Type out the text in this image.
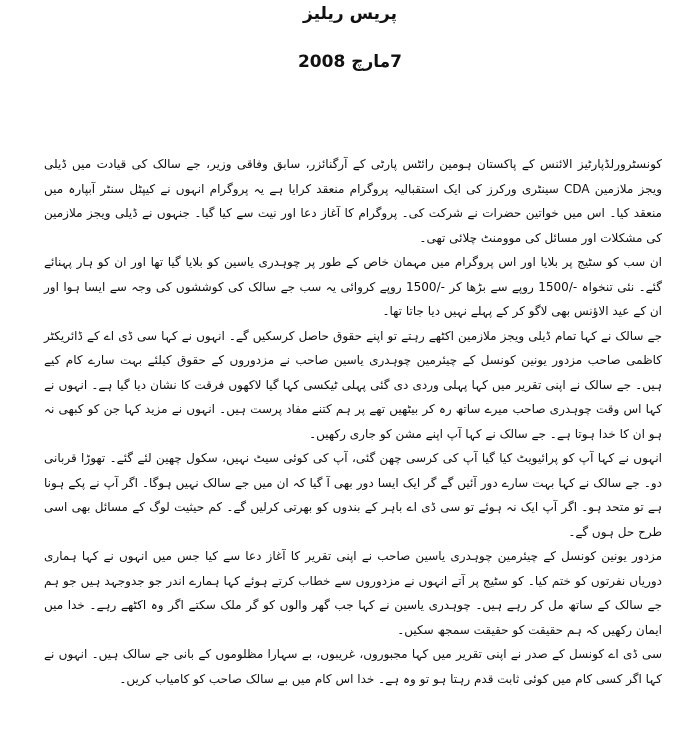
پریس ریلیز
7مارچ 2008

کونسٹرورلڈپارٹیز الائنس کے پاکستان ہومین رائٹس پارٹی کے آرگنائزر، سابق وفاقی وزیر، جے سالک کی قیادت میں ڈیلی ویجز ملازمین CDA سینٹری ورکرز کی ایک استقبالیہ پروگرام منعقد کرایا ہے یہ پروگرام انہوں نے کیپٹل سنٹر آبپارہ میں منعقد کیا۔ اس میں خواتین حضرات نے شرکت کی۔ پروگرام کا آغاز دعا اور نیت سے کیا گیا۔ جنہوں نے ڈیلی ویجز ملازمین کی مشکلات اور مسائل کی موومنٹ چلائی تھی۔

ان سب کو سٹیج پر بلایا اور اس پروگرام میں مہمان خاص کے طور پر چوہدری یاسین کو بلایا گیا تھا اور ان کو ہار پہنائے گئے۔ نئی تنخواہ -/1500 روپے سے بڑھا کر -/1500 روپے کروائی یہ سب جے سالک کی کوششوں کی وجہ سے ایسا ہوا اور ان کے عید الاؤنس بھی لاگو کر کے پہلے نہیں دیا جاتا تھا۔

جے سالک نے کہا تمام ڈیلی ویجز ملازمین اکٹھے رہتے تو اپنے حقوق حاصل کرسکیں گے۔ انہوں نے کہا سی ڈی اے کے ڈائریکٹر کاظمی صاحب مزدور یونین کونسل کے چیئرمین چوہدری یاسین صاحب نے مزدوروں کے حقوق کیلئے بہت سارے کام کیے ہیں۔ جے سالک نے اپنی تقریر میں کہا پہلی وردی دی گئی پہلی ٹیکسی کہا گیا لاکھوں فرقت کا نشان دیا گیا ہے۔ انہوں نے کہا اس وقت چوہدری صاحب میرے ساتھ رہ کر بیٹھیں تھے پر ہم کتنے مفاد پرست ہیں۔ انہوں نے مزید کہا جن کو کبھی نہ ہو ان کا خدا ہوتا ہے۔ جے سالک نے کہا آپ اپنے مشن کو جاری رکھیں۔

انہوں نے کہا آپ کو پرائیویٹ کیا گیا آپ کی کرسی چھن گئی، آپ کی کوئی سیٹ نہیں، سکول چھین لئے گئے۔ تھوڑا قربانی دو۔ جے سالک نے کہا بہت سارے دور آئیں گے گر ایک ایسا دور بھی آ گیا کہ ان میں جے سالک نہیں ہوگا۔ اگر آپ نے پکے ہونا ہے تو متحد ہو۔ اگر آپ ایک نہ ہوئے تو سی ڈی اے باہر کے بندوں کو بھرتی کرلیں گے۔ کم حیثیت لوگ کے مسائل بھی اسی طرح حل ہوں گے۔

مزدور یونین کونسل کے چیئرمین چوہدری یاسین صاحب نے اپنی تقریر کا آغاز دعا سے کیا جس میں انہوں نے کہا ہماری دوریاں نفرتوں کو ختم کیا۔ کو سٹیج پر آتے انہوں نے مزدوروں سے خطاب کرتے ہوئے کہا ہمارے اندر جو جدوجہد ہیں جو ہم جے سالک کے ساتھ مل کر رہے ہیں۔ چوہدری یاسین نے کہا جب گھر والوں کو گر ملک سکتے اگر وہ اکٹھے رہے۔ خدا میں ایمان رکھیں کہ ہم حقیقت کو حقیقت سمجھ سکیں۔

سی ڈی اے کونسل کے صدر نے اپنی تقریر میں کہا مجبوروں، غریبوں، بے سہارا مظلوموں کے بانی جے سالک ہیں۔ انہوں نے کہا اگر کسی کام میں کوئی ثابت قدم رہتا ہو تو وہ ہے۔ خدا اس کام میں بے سالک صاحب کو کامیاب کریں۔
